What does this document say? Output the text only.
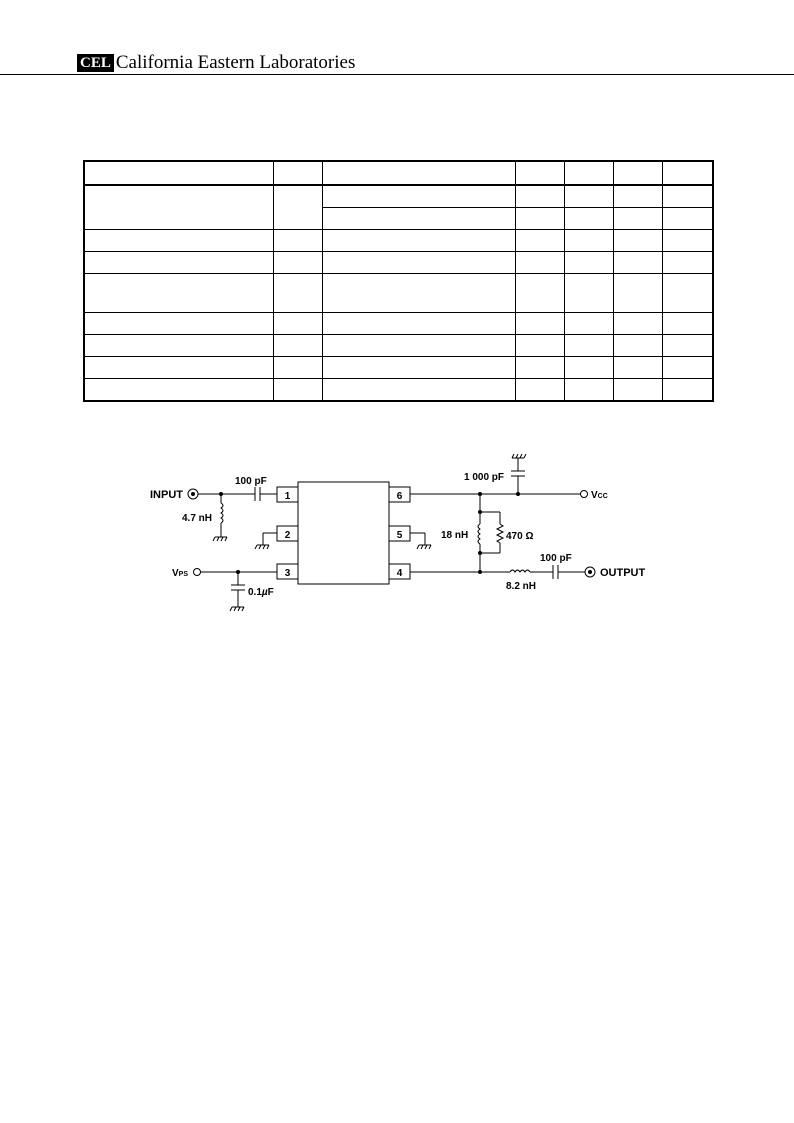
CEL California Eastern Laboratories

1
2
3	4
5
6
INPUT
100 pF
4.7 nH
VPS
0.1µF
1 000 pF
VCC
18 nH	470 Ω
100 pF
8.2 nH
OUTPUT
